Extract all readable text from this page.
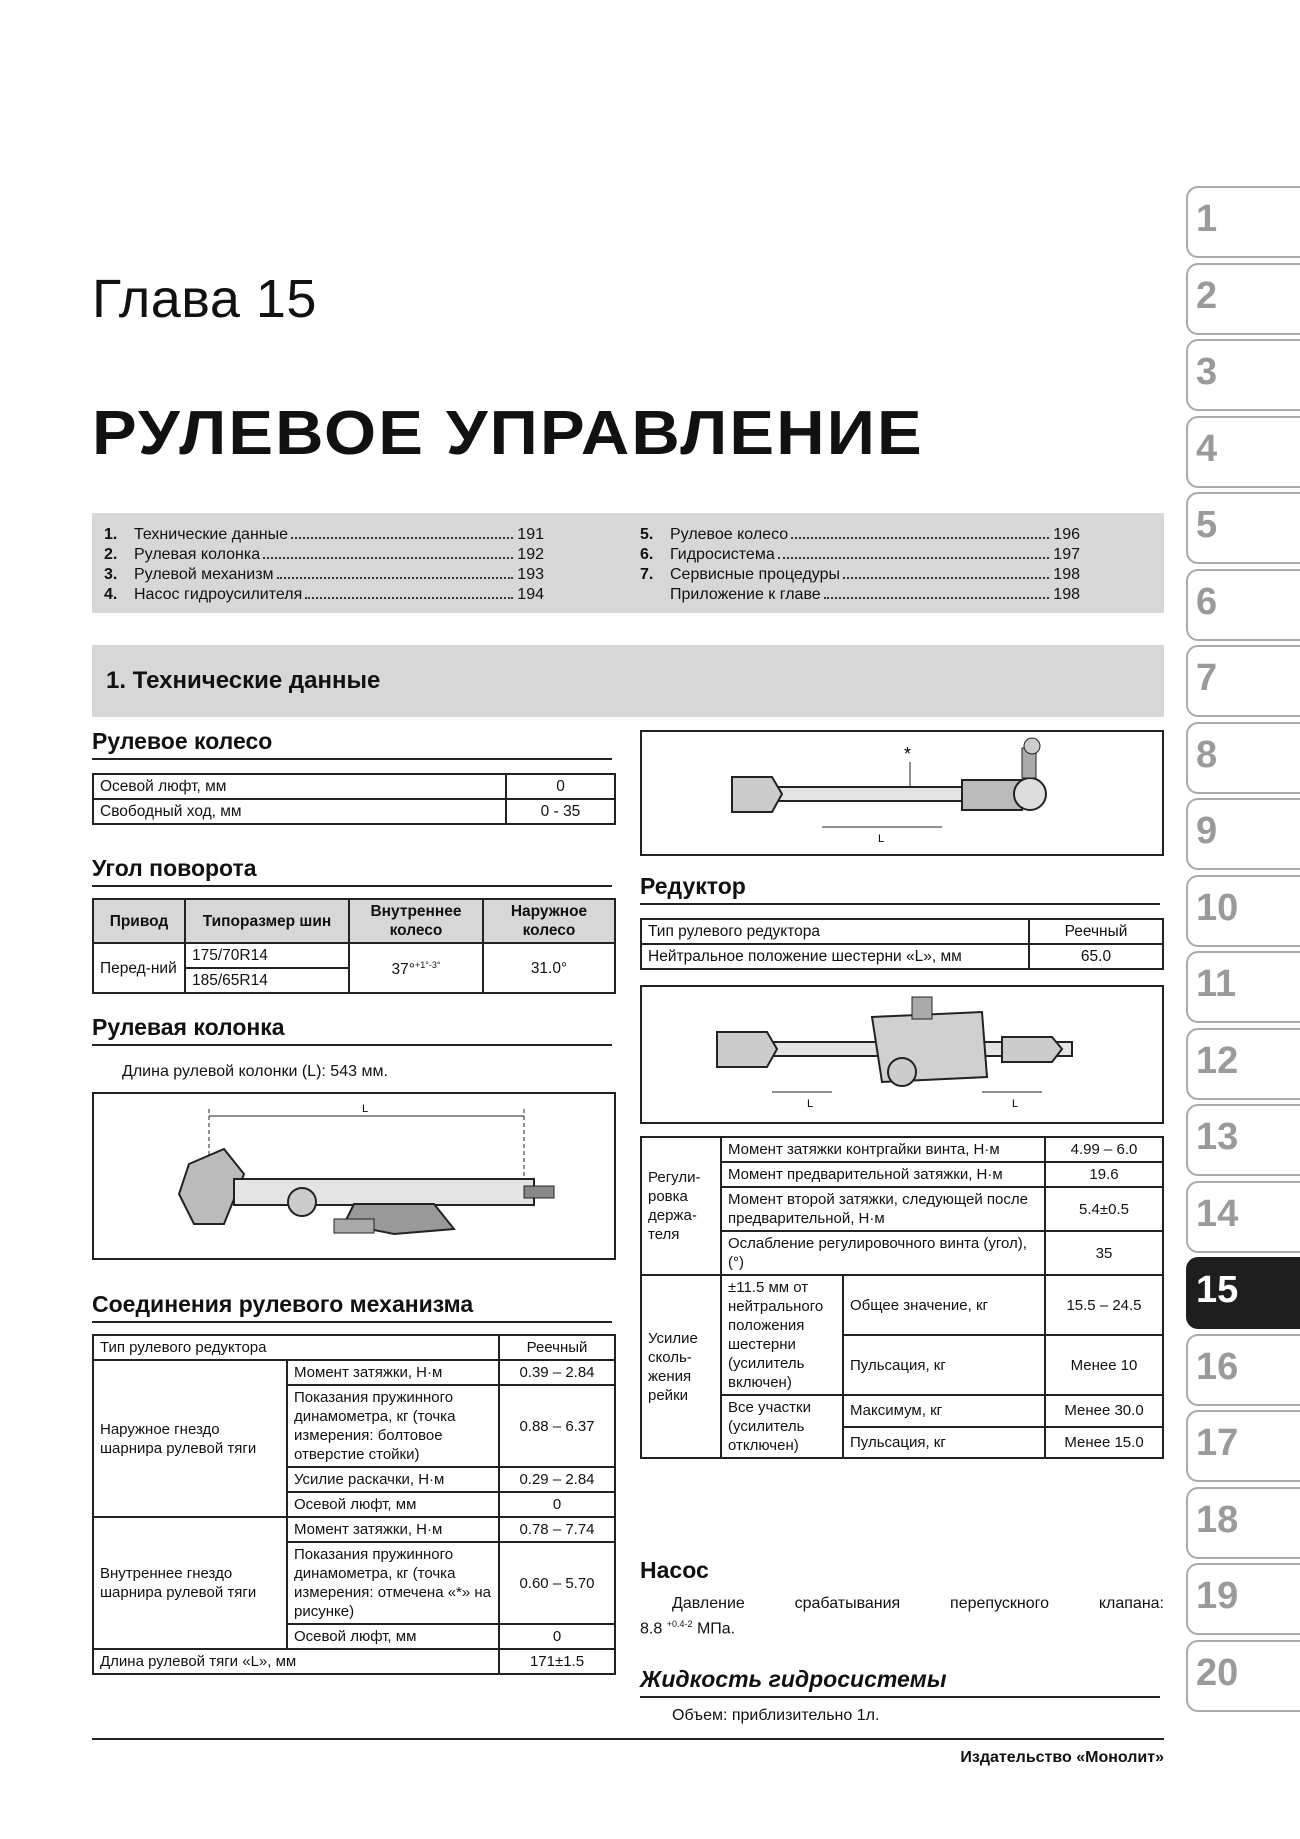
Глава 15
РУЛЕВОЕ УПРАВЛЕНИЕ
1.	Технические данные	191
2.	Рулевая колонка	192
3.	Рулевой механизм	193
4.	Насос гидроусилителя	194
5.	Рулевое колесо	196
6.	Гидросистема	197
7.	Сервисные процедуры	198
Приложение к главе	198
1. Технические данные
Рулевое колесо
Осевой люфт, мм	0
Свободный ход, мм	0 - 35
Угол поворота
Привод	Типоразмер шин	Внутреннее колесо	Наружное колесо
Перед-ний	175/70R14	37°$^{+1^\circ-3^\circ}$	31.0°
	185/65R14		
Рулевая колонка
Длина рулевой колонки (L): 543 мм.
L
Соединения рулевого механизма
Тип рулевого редуктора		Реечный
Наружное гнездо шарнира рулевой тяги	Момент затяжки, Н·м	0.39 – 2.84
	Показания пружинного динамометра, кг (точка измерения: болтовое отверстие стойки)	0.88 – 6.37
	Усилие раскачки, Н·м	0.29 – 2.84
	Осевой люфт, мм	0
Внутреннее гнездо шарнира рулевой тяги	Момент затяжки, Н·м	0.78 – 7.74
	Показания пружинного динамометра, кг (точка измерения: отмечена «*» на рисунке)	0.60 – 5.70
	Осевой люфт, мм	0
Длина рулевой тяги «L», мм		171±1.5
*
L
Редуктор
Тип рулевого редуктора	Реечный
Нейтральное положение шестерни «L», мм	65.0
L	L
Регули-ровка держа-теля	Момент затяжки контргайки винта, Н·м		4.99 – 6.0
	Момент предварительной затяжки, Н·м		19.6
	Момент второй затяжки, следующей после предварительной, Н·м		5.4±0.5
	Ослабление регулировочного винта (угол), (°)		35
Усилие сколь-жения рейки	±11.5 мм от нейтрального положения шестерни (усилитель включен)	Общее значение, кг	15.5 – 24.5
		Пульсация, кг	Менее 10
	Все участки (усилитель отключен)	Максимум, кг	Менее 30.0
		Пульсация, кг	Менее 15.0
Насос
Давление срабатывания перепускного клапана:
8.8 $^{+0.4-2}$ МПа.
Жидкость гидросистемы
Объем: приблизительно 1л.
Издательство «Монолит»
1
2
3
4
5
6
7
8
9
10
11
12
13
14
15
16
17
18
19
20
